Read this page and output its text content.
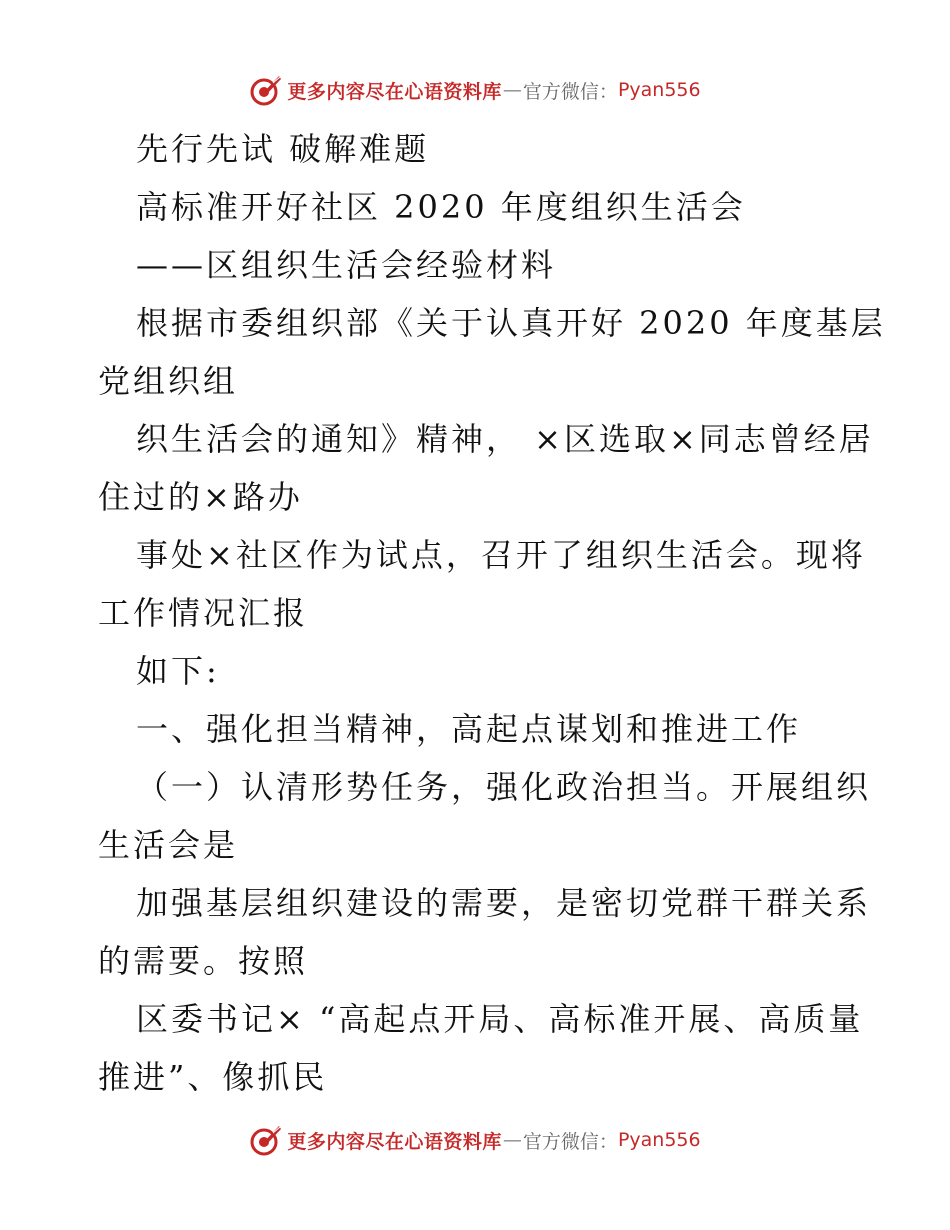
更多内容尽在心语资料库 — 官方微信： Pyan556
先行先试 破解难题
高标准开好社区 2020 年度组织生活会
——区组织生活会经验材料
根据市委组织部《关于认真开好 2020 年度基层
党组织组
织生活会的通知》精神， ×区选取×同志曾经居
住过的×路办
事处×社区作为试点，召开了组织生活会。现将
工作情况汇报
如下:
一、强化担当精神，高起点谋划和推进工作
（一）认清形势任务，强化政治担当。开展组织
生活会是
加强基层组织建设的需要，是密切党群干群关系
的需要。按照
区委书记× “高起点开局、高标准开展、高质量
推进”、像抓民
更多内容尽在心语资料库 — 官方微信： Pyan556
